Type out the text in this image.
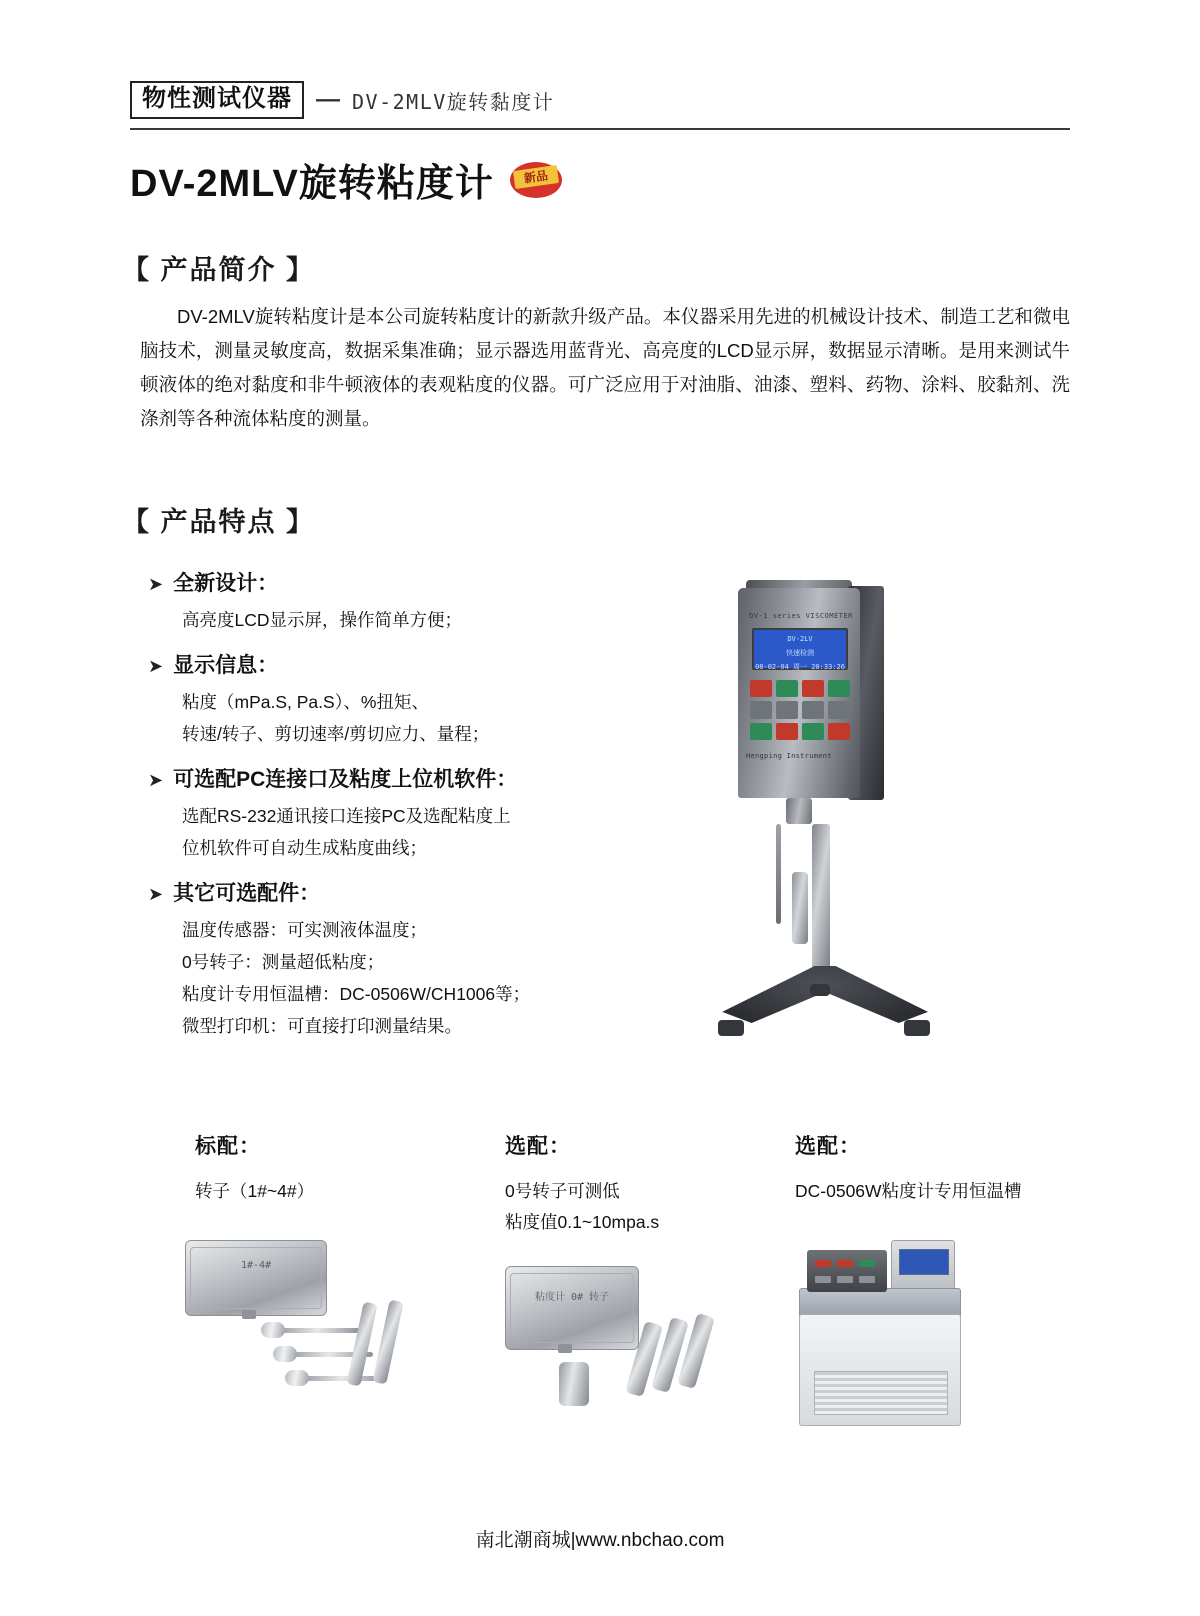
物性测试仪器	— DV-2MLV旋转黏度计
DV-2MLV旋转粘度计	新品
【 产品简介 】
DV-2MLV旋转粘度计是本公司旋转粘度计的新款升级产品。本仪器采用先进的机械设计技术、制造工艺和微电脑技术，测量灵敏度高，数据采集准确；显示器选用蓝背光、高亮度的LCD显示屏，数据显示清晰。是用来测试牛顿液体的绝对黏度和非牛顿液体的表观粘度的仪器。可广泛应用于对油脂、油漆、塑料、药物、涂料、胶黏剂、洗涤剂等各种流体粘度的测量。
【 产品特点 】
➤ 全新设计：
高亮度LCD显示屏，操作简单方便；
➤ 显示信息：
粘度（mPa.S, Pa.S）、%扭矩、
转速/转子、剪切速率/剪切应力、量程；
➤ 可选配PC连接口及粘度上位机软件：
选配RS-232通讯接口连接PC及选配粘度上
位机软件可自动生成粘度曲线；
➤ 其它可选配件：
温度传感器：可实测液体温度；
0号转子：测量超低粘度；
粘度计专用恒温槽：DC-0506W/CH1006等；
微型打印机：可直接打印测量结果。
DV-1 series VISCOMETER
DV-2LV
快速检测
08-02-04 周一 20:33:26
Hengping Instrument
标配：
转子（1#~4#）
1#-4#
选配：
0号转子可测低
粘度值0.1~10mpa.s
粘度计 0# 转子
选配：
DC-0506W粘度计专用恒温槽
南北潮商城|www.nbchao.com
